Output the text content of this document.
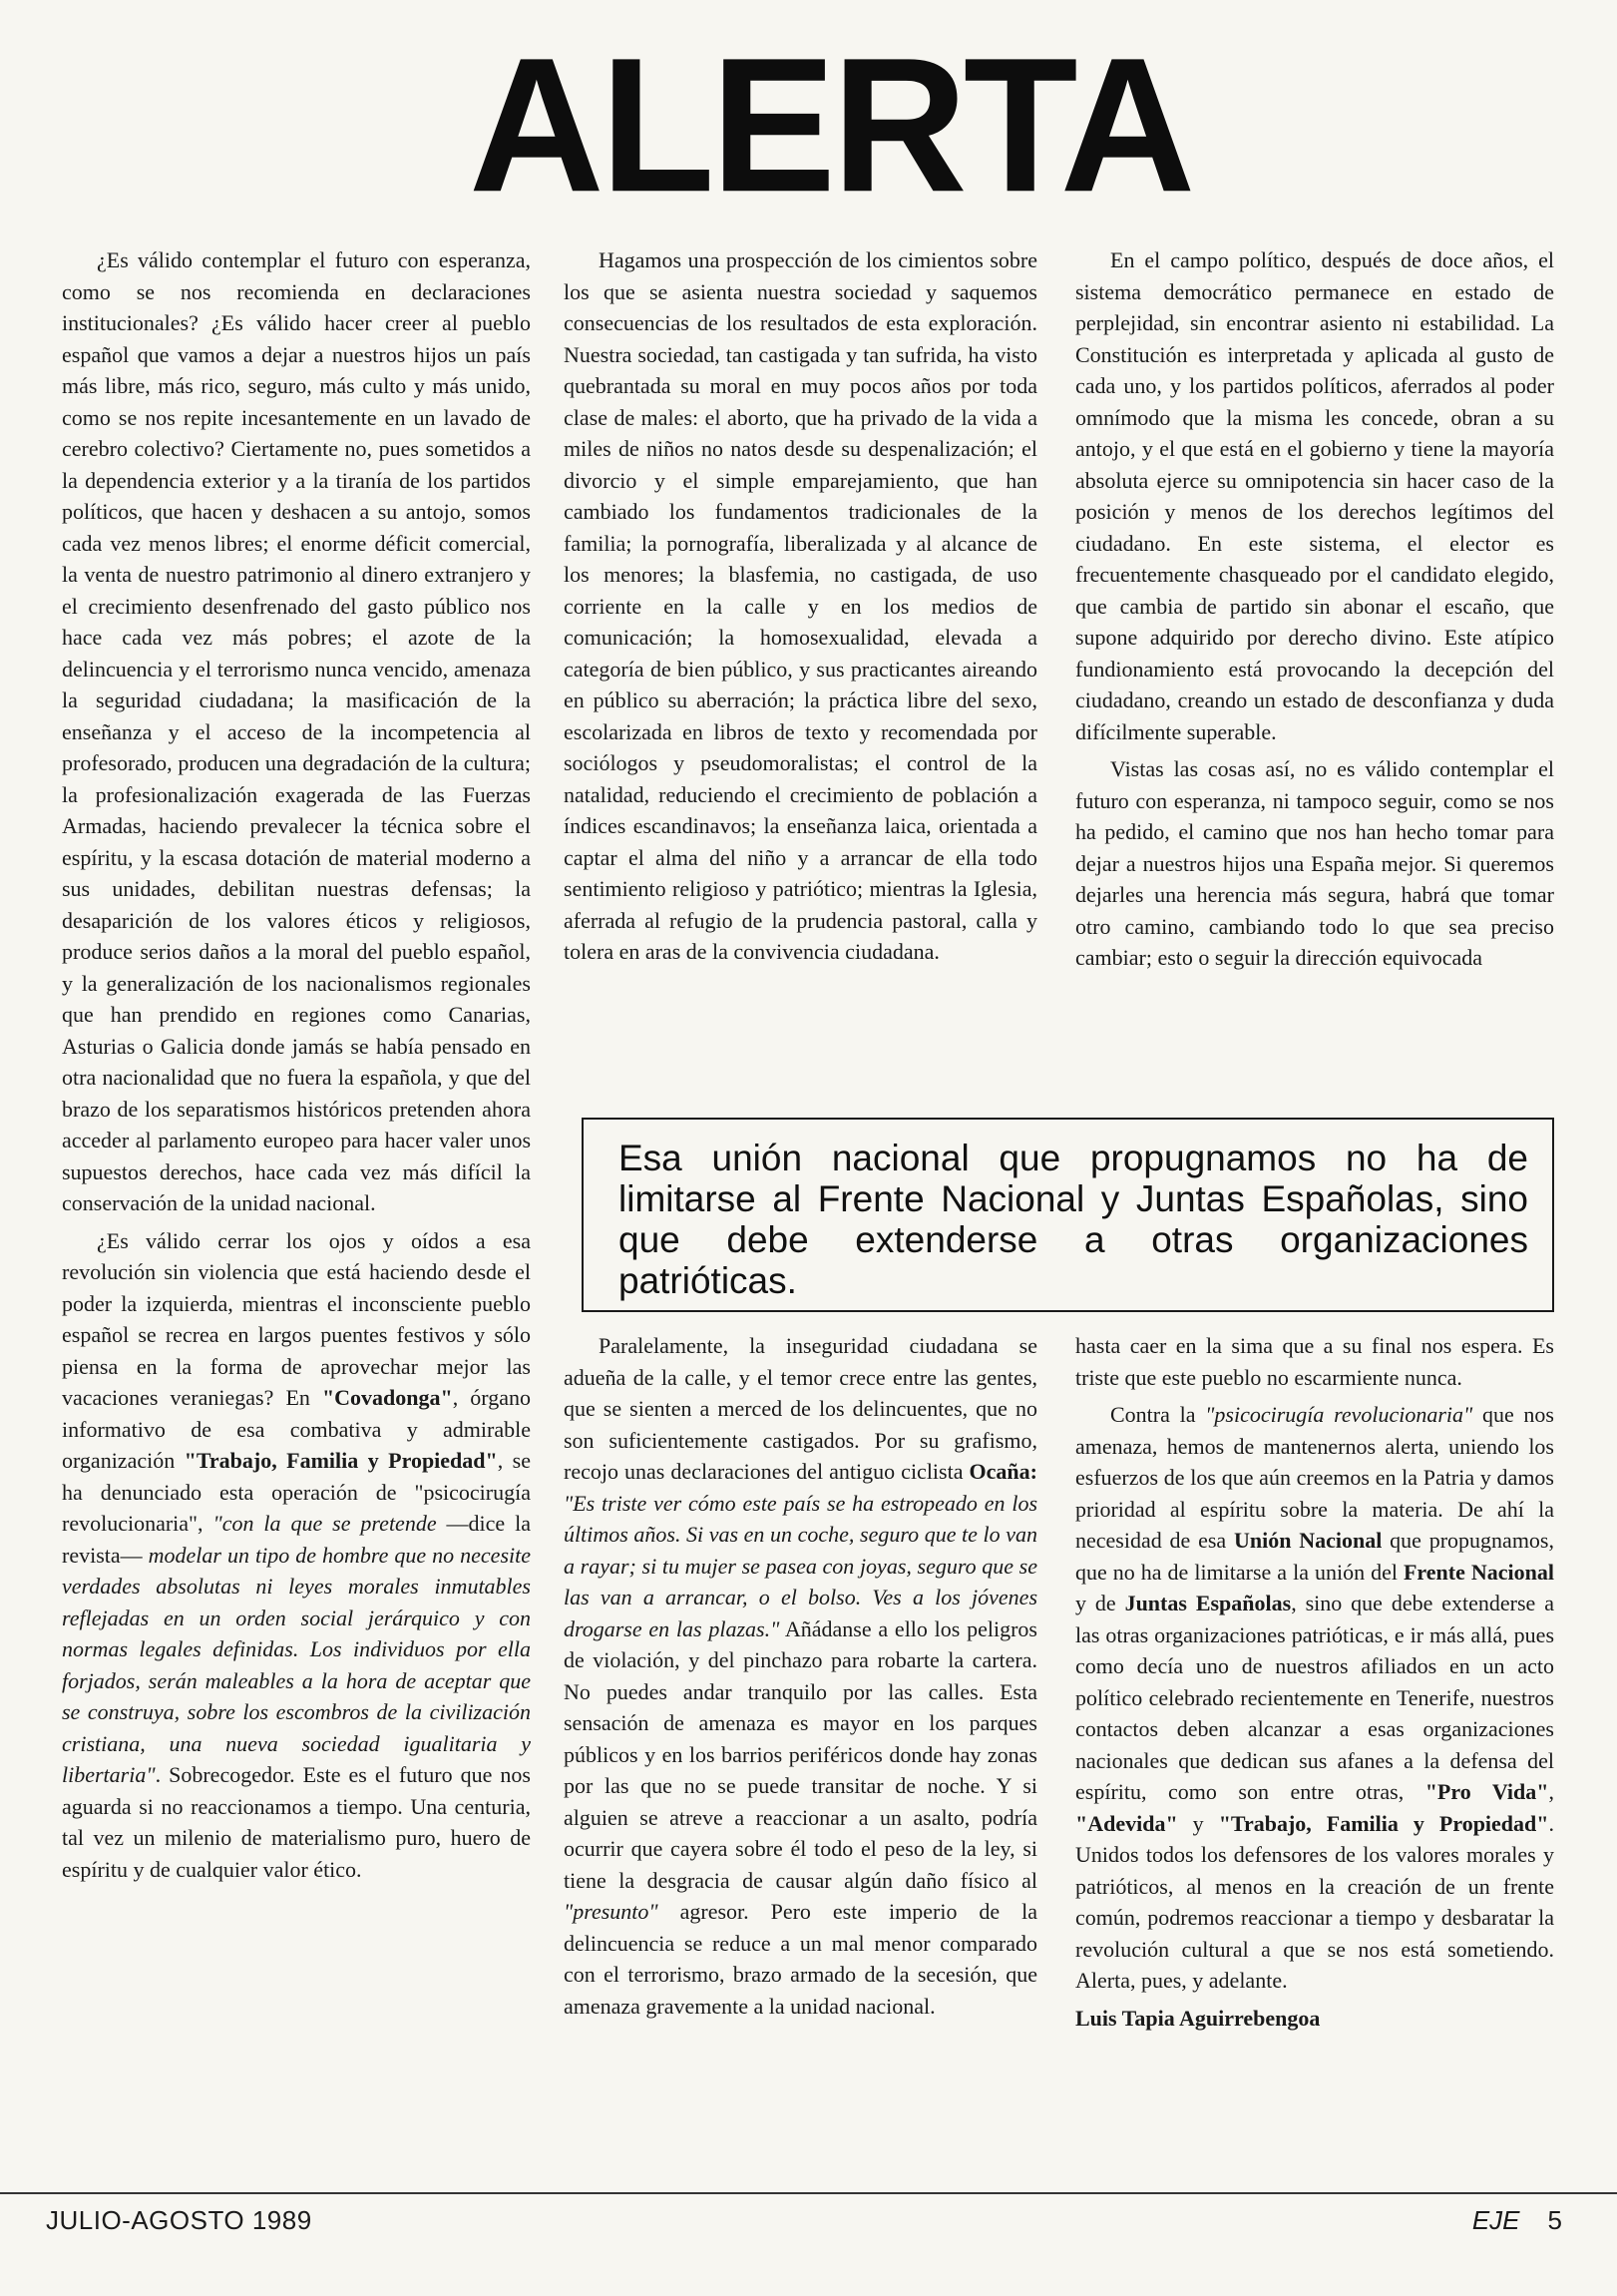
ALERTA

¿Es válido contemplar el futuro con esperanza, como se nos recomienda en declaraciones institucionales? ¿Es válido hacer creer al pueblo español que vamos a dejar a nuestros hijos un país más libre, más rico, seguro, más culto y más unido, como se nos repite incesantemente en un lavado de cerebro colectivo? Ciertamente no, pues sometidos a la dependencia exterior y a la tiranía de los partidos políticos, que hacen y deshacen a su antojo, somos cada vez menos libres; el enorme déficit comercial, la venta de nuestro patrimonio al dinero extranjero y el crecimiento desenfrenado del gasto público nos hace cada vez más pobres; el azote de la delincuencia y el terrorismo nunca vencido, amenaza la seguridad ciudadana; la masificación de la enseñanza y el acceso de la incompetencia al profesorado, producen una degradación de la cultura; la profesionalización exagerada de las Fuerzas Armadas, haciendo prevalecer la técnica sobre el espíritu, y la escasa dotación de material moderno a sus unidades, debilitan nuestras defensas; la desaparición de los valores éticos y religiosos, produce serios daños a la moral del pueblo español, y la generalización de los nacionalismos regionales que han prendido en regiones como Canarias, Asturias o Galicia donde jamás se había pensado en otra nacionalidad que no fuera la española, y que del brazo de los separatismos históricos pretenden ahora acceder al parlamento europeo para hacer valer unos supuestos derechos, hace cada vez más difícil la conservación de la unidad nacional.

¿Es válido cerrar los ojos y oídos a esa revolución sin violencia que está haciendo desde el poder la izquierda, mientras el inconsciente pueblo español se recrea en largos puentes festivos y sólo piensa en la forma de aprovechar mejor las vacaciones veraniegas? En "Covadonga", órgano informativo de esa combativa y admirable organización "Trabajo, Familia y Propiedad", se ha denunciado esta operación de "psicocirugía revolucionaria", "con la que se pretende —dice la revista— modelar un tipo de hombre que no necesite verdades absolutas ni leyes morales inmutables reflejadas en un orden social jerárquico y con normas legales definidas. Los individuos por ella forjados, serán maleables a la hora de aceptar que se construya, sobre los escombros de la civilización cristiana, una nueva sociedad igualitaria y libertaria". Sobrecogedor. Este es el futuro que nos aguarda si no reaccionamos a tiempo. Una centuria, tal vez un milenio de materialismo puro, huero de espíritu y de cualquier valor ético.

Hagamos una prospección de los cimientos sobre los que se asienta nuestra sociedad y saquemos consecuencias de los resultados de esta exploración. Nuestra sociedad, tan castigada y tan sufrida, ha visto quebrantada su moral en muy pocos años por toda clase de males: el aborto, que ha privado de la vida a miles de niños no natos desde su despenalización; el divorcio y el simple emparejamiento, que han cambiado los fundamentos tradicionales de la familia; la pornografía, liberalizada y al alcance de los menores; la blasfemia, no castigada, de uso corriente en la calle y en los medios de comunicación; la homosexualidad, elevada a categoría de bien público, y sus practicantes aireando en público su aberración; la práctica libre del sexo, escolarizada en libros de texto y recomendada por sociólogos y pseudomoralistas; el control de la natalidad, reduciendo el crecimiento de población a índices escandinavos; la enseñanza laica, orientada a captar el alma del niño y a arrancar de ella todo sentimiento religioso y patriótico; mientras la Iglesia, aferrada al refugio de la prudencia pastoral, calla y tolera en aras de la convivencia ciudadana.

En el campo político, después de doce años, el sistema democrático permanece en estado de perplejidad, sin encontrar asiento ni estabilidad. La Constitución es interpretada y aplicada al gusto de cada uno, y los partidos políticos, aferrados al poder omnímodo que la misma les concede, obran a su antojo, y el que está en el gobierno y tiene la mayoría absoluta ejerce su omnipotencia sin hacer caso de la posición y menos de los derechos legítimos del ciudadano. En este sistema, el elector es frecuentemente chasqueado por el candidato elegido, que cambia de partido sin abonar el escaño, que supone adquirido por derecho divino. Este atípico fundionamiento está provocando la decepción del ciudadano, creando un estado de desconfianza y duda difícilmente superable.

Vistas las cosas así, no es válido contemplar el futuro con esperanza, ni tampoco seguir, como se nos ha pedido, el camino que nos han hecho tomar para dejar a nuestros hijos una España mejor. Si queremos dejarles una herencia más segura, habrá que tomar otro camino, cambiando todo lo que sea preciso cambiar; esto o seguir la dirección equivocada

Esa unión nacional que propugnamos no ha de limitarse al Frente Nacional y Juntas Españolas, sino que debe extenderse a otras organizaciones patrióticas.

Paralelamente, la inseguridad ciudadana se adueña de la calle, y el temor crece entre las gentes, que se sienten a merced de los delincuentes, que no son suficientemente castigados. Por su grafismo, recojo unas declaraciones del antiguo ciclista Ocaña: "Es triste ver cómo este país se ha estropeado en los últimos años. Si vas en un coche, seguro que te lo van a rayar; si tu mujer se pasea con joyas, seguro que se las van a arrancar, o el bolso. Ves a los jóvenes drogarse en las plazas." Añádanse a ello los peligros de violación, y del pinchazo para robarte la cartera. No puedes andar tranquilo por las calles. Esta sensación de amenaza es mayor en los parques públicos y en los barrios periféricos donde hay zonas por las que no se puede transitar de noche. Y si alguien se atreve a reaccionar a un asalto, podría ocurrir que cayera sobre él todo el peso de la ley, si tiene la desgracia de causar algún daño físico al "presunto" agresor. Pero este imperio de la delincuencia se reduce a un mal menor comparado con el terrorismo, brazo armado de la secesión, que amenaza gravemente a la unidad nacional.

hasta caer en la sima que a su final nos espera. Es triste que este pueblo no escarmiente nunca.

Contra la "psicocirugía revolucionaria" que nos amenaza, hemos de mantenernos alerta, uniendo los esfuerzos de los que aún creemos en la Patria y damos prioridad al espíritu sobre la materia. De ahí la necesidad de esa Unión Nacional que propugnamos, que no ha de limitarse a la unión del Frente Nacional y de Juntas Españolas, sino que debe extenderse a las otras organizaciones patrióticas, e ir más allá, pues como decía uno de nuestros afiliados en un acto político celebrado recientemente en Tenerife, nuestros contactos deben alcanzar a esas organizaciones nacionales que dedican sus afanes a la defensa del espíritu, como son entre otras, "Pro Vida", "Adevida" y "Trabajo, Familia y Propiedad". Unidos todos los defensores de los valores morales y patrióticos, al menos en la creación de un frente común, podremos reaccionar a tiempo y desbaratar la revolución cultural a que se nos está sometiendo. Alerta, pues, y adelante.

Luis Tapia Aguirrebengoa

JULIO-AGOSTO 1989	EJE 5
